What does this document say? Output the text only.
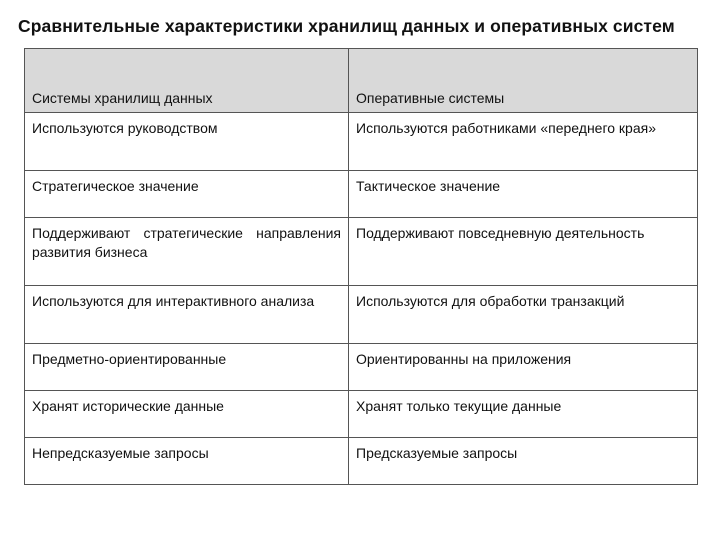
Сравнительные характеристики хранилищ данных и оперативных систем
Системы хранилищ данных	Оперативные системы
Используются руководством	Используются работниками «переднего края»
Стратегическое значение	Тактическое значение
Поддерживают стратегические направления развития бизнеса	Поддерживают повседневную деятельность
Используются для интерактивного анализа	Используются для обработки транзакций
Предметно-ориентированные	Ориентированны на приложения
Хранят исторические данные	Хранят только текущие данные
Непредсказуемые запросы	Предсказуемые запросы
